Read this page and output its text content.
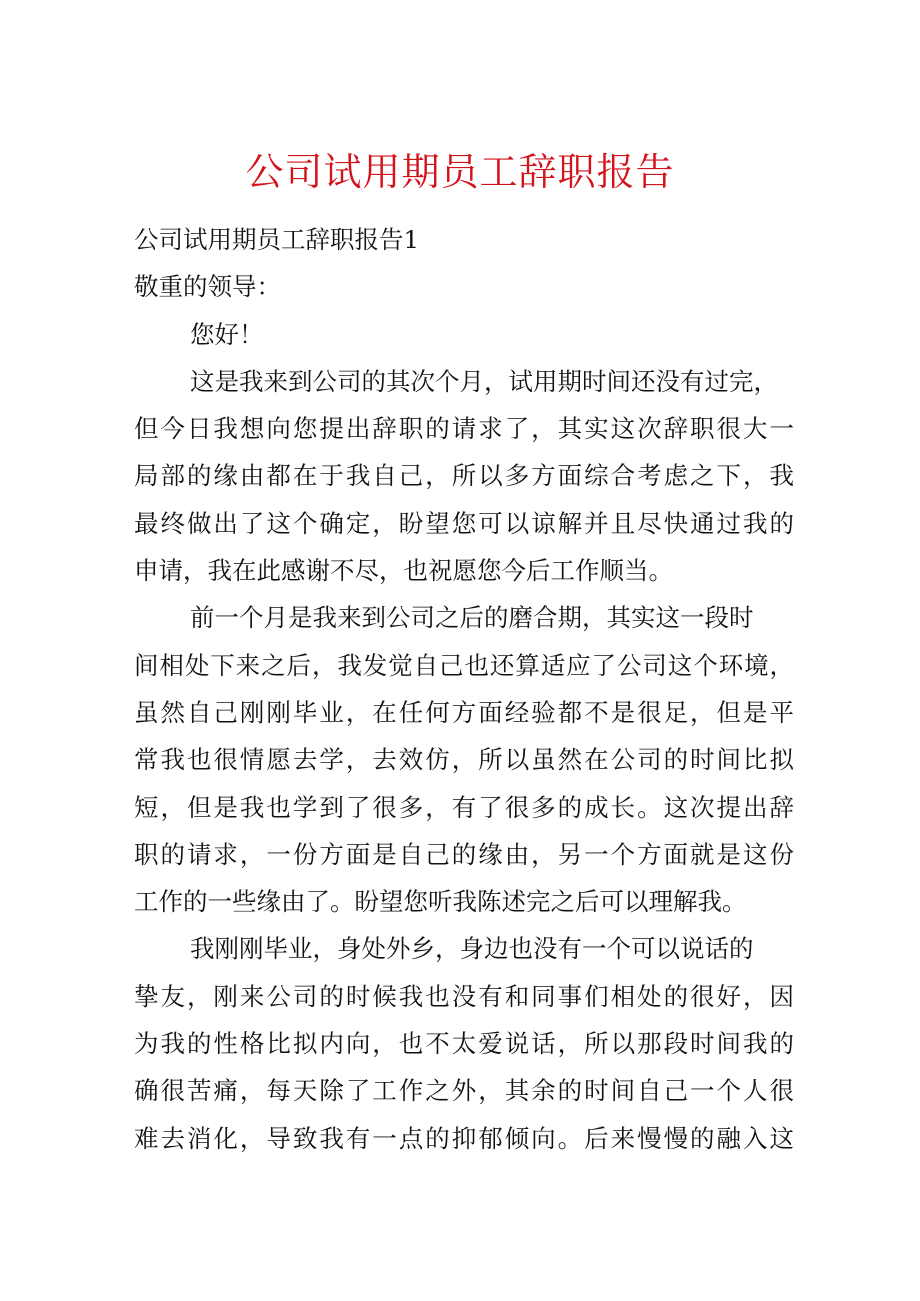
公司试用期员工辞职报告
公司试用期员工辞职报告1
敬重的领导：
您好！
这是我来到公司的其次个月，试用期时间还没有过完，
但今日我想向您提出辞职的请求了，其实这次辞职很大一
局部的缘由都在于我自己，所以多方面综合考虑之下，我
最终做出了这个确定，盼望您可以谅解并且尽快通过我的
申请，我在此感谢不尽，也祝愿您今后工作顺当。
前一个月是我来到公司之后的磨合期，其实这一段时
间相处下来之后，我发觉自己也还算适应了公司这个环境，
虽然自己刚刚毕业，在任何方面经验都不是很足，但是平
常我也很情愿去学，去效仿，所以虽然在公司的时间比拟
短，但是我也学到了很多，有了很多的成长。这次提出辞
职的请求，一份方面是自己的缘由，另一个方面就是这份
工作的一些缘由了。盼望您听我陈述完之后可以理解我。
我刚刚毕业，身处外乡，身边也没有一个可以说话的
挚友，刚来公司的时候我也没有和同事们相处的很好，因
为我的性格比拟内向，也不太爱说话，所以那段时间我的
确很苦痛，每天除了工作之外，其余的时间自己一个人很
难去消化，导致我有一点的抑郁倾向。后来慢慢的融入这
